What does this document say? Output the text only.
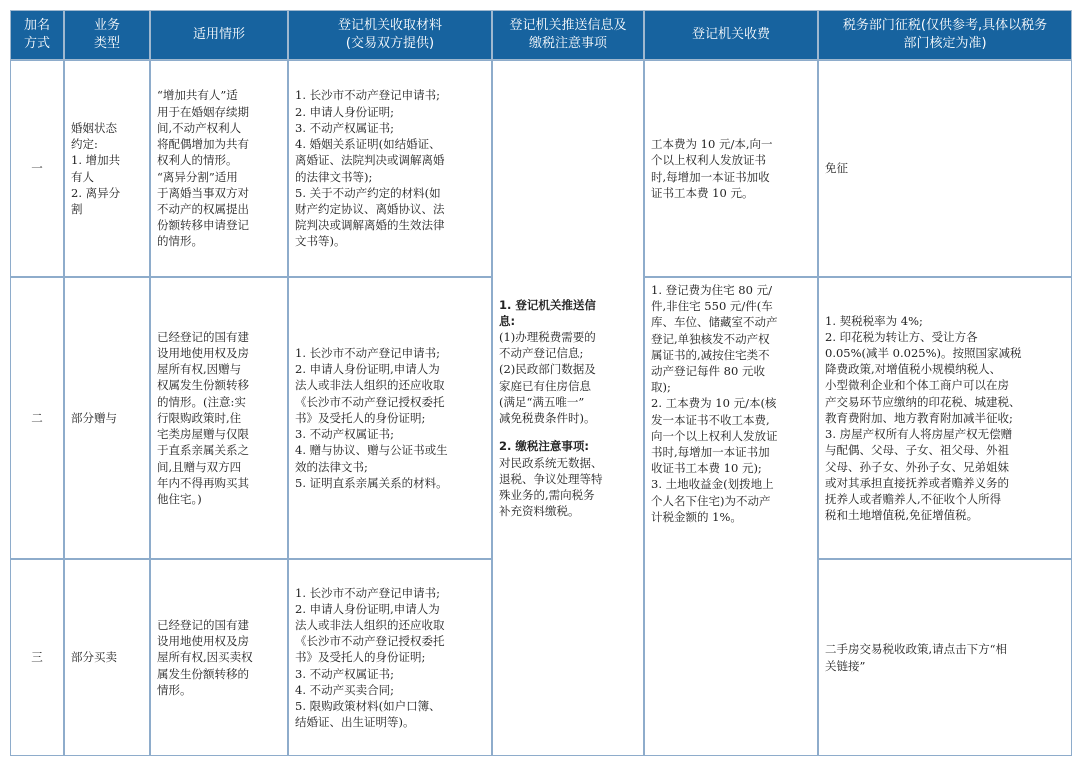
加名
方式
业务
类型
适用情形
登记机关收取材料
(交易双方提供)
登记机关推送信息及
缴税注意事项
登记机关收费
税务部门征税(仅供参考,具体以税务
部门核定为准)
一
婚姻状态
约定:
1. 增加共
有人
2. 离异分
割
“增加共有人”适
用于在婚姻存续期
间,不动产权利人
将配偶增加为共有
权利人的情形。
“离异分割”适用
于离婚当事双方对
不动产的权属提出
份额转移申请登记
的情形。
1. 长沙市不动产登记申请书;
2. 申请人身份证明;
3. 不动产权属证书;
4. 婚姻关系证明(如结婚证、
离婚证、法院判决或调解离婚
的法律文书等);
5. 关于不动产约定的材料(如
财产约定协议、离婚协议、法
院判决或调解离婚的生效法律
文书等)。
工本费为 10 元/本,向一
个以上权利人发放证书
时,每增加一本证书加收
证书工本费 10 元。
免征
1. 登记机关推送信
息:
(1)办理税费需要的
不动产登记信息;
(2)民政部门数据及
家庭已有住房信息
(满足“满五唯一”
减免税费条件时)。
2. 缴税注意事项:
对民政系统无数据、
退税、争议处理等特
殊业务的,需向税务
补充资料缴税。
二 部分赠与
已经登记的国有建
设用地使用权及房
屋所有权,因赠与
权属发生份额转移
的情形。(注意:实
行限购政策时,住
宅类房屋赠与仅限
于直系亲属关系之
间,且赠与双方四
年内不得再购买其
他住宅。)
1. 长沙市不动产登记申请书;
2. 申请人身份证明,申请人为
法人或非法人组织的还应收取
《长沙市不动产登记授权委托
书》及受托人的身份证明;
3. 不动产权属证书;
4. 赠与协议、赠与公证书或生
效的法律文书;
5. 证明直系亲属关系的材料。
1. 登记费为住宅 80 元/
件,非住宅 550 元/件(车
库、车位、储藏室不动产
登记,单独核发不动产权
属证书的,减按住宅类不
动产登记每件 80 元收
取);
2. 工本费为 10 元/本(核
发一本证书不收工本费,
向一个以上权利人发放证
书时,每增加一本证书加
收证书工本费 10 元);
3. 土地收益金(划拨地上
个人名下住宅)为不动产
计税金额的 1%。
1. 契税税率为 4%;
2. 印花税为转让方、受让方各
0.05%(减半 0.025%)。按照国家减税
降费政策,对增值税小规模纳税人、
小型微利企业和个体工商户可以在房
产交易环节应缴纳的印花税、城建税、
教育费附加、地方教育附加减半征收;
3. 房屋产权所有人将房屋产权无偿赠
与配偶、父母、子女、祖父母、外祖
父母、孙子女、外孙子女、兄弟姐妹
或对其承担直接抚养或者赡养义务的
抚养人或者赡养人,不征收个人所得
税和土地增值税,免征增值税。
三 部分买卖
已经登记的国有建
设用地使用权及房
屋所有权,因买卖权
属发生份额转移的
情形。
1. 长沙市不动产登记申请书;
2. 申请人身份证明,申请人为
法人或非法人组织的还应收取
《长沙市不动产登记授权委托
书》及受托人的身份证明;
3. 不动产权属证书;
4. 不动产买卖合同;
5. 限购政策材料(如户口簿、
结婚证、出生证明等)。
二手房交易税收政策,请点击下方“相
关链接”
